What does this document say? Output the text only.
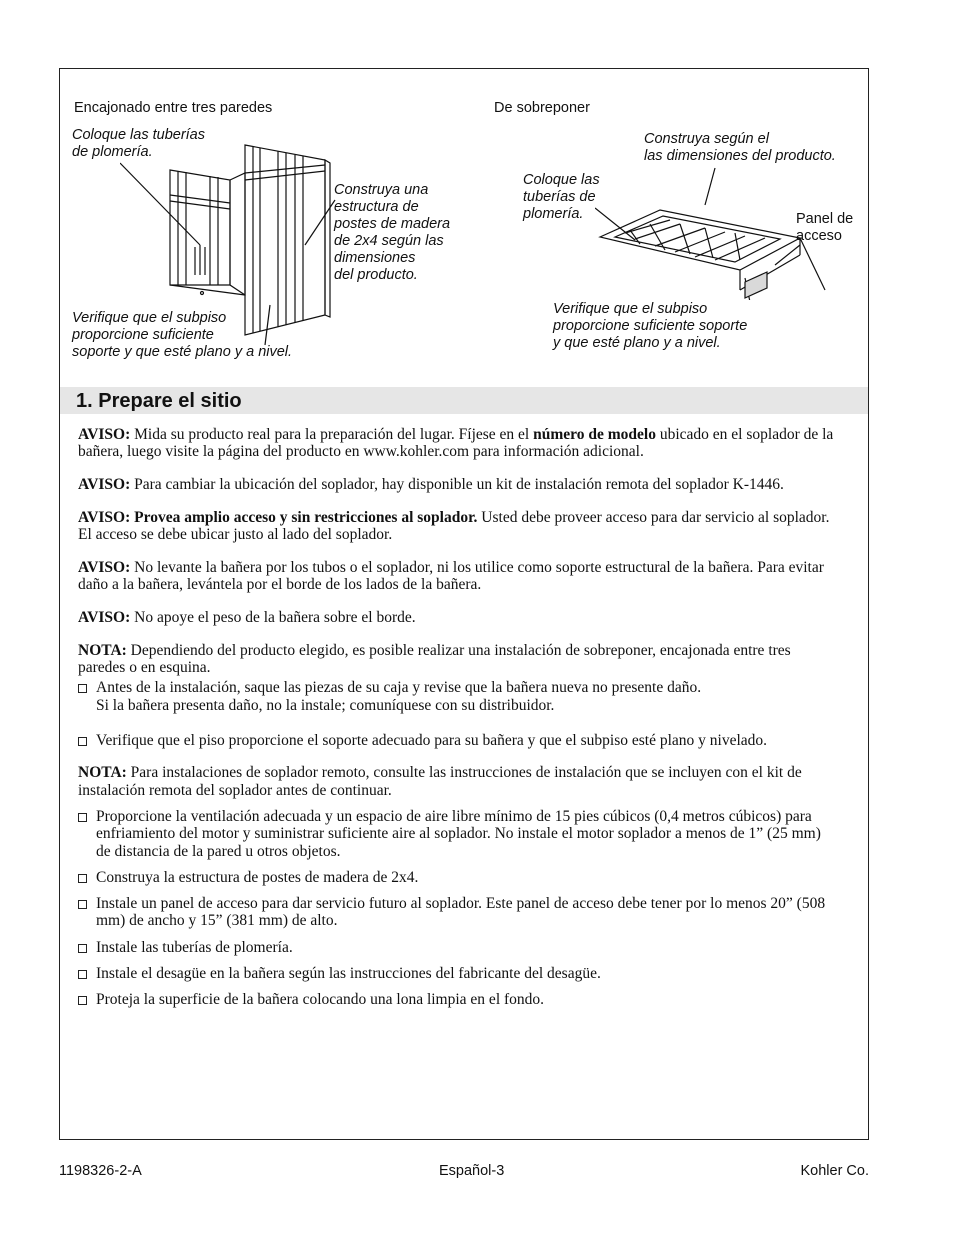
Encajonado entre tres paredes
Coloque las tuberías
de plomería.
Construya una
estructura de
postes de madera
de 2x4 según las
dimensiones
del producto.
Verifique que el subpiso
proporcione suficiente
soporte y que esté plano y a nivel.
De sobreponer
Construya según el
las dimensiones del producto.
Coloque las
tuberías de
plomería.	Panel de
acceso
Verifique que el subpiso
proporcione suficiente soporte
y que esté plano y a nivel.
1. Prepare el sitio

AVISO: Mida su producto real para la preparación del lugar. Fíjese en el número de modelo ubicado en el soplador de la bañera, luego visite la página del producto en www.kohler.com para información adicional.

AVISO: Para cambiar la ubicación del soplador, hay disponible un kit de instalación remota del soplador K-1446.

AVISO: Provea amplio acceso y sin restricciones al soplador. Usted debe proveer acceso para dar servicio al soplador. El acceso se debe ubicar justo al lado del soplador.

AVISO: No levante la bañera por los tubos o el soplador, ni los utilice como soporte estructural de la bañera. Para evitar daño a la bañera, levántela por el borde de los lados de la bañera.

AVISO: No apoye el peso de la bañera sobre el borde.

NOTA: Dependiendo del producto elegido, es posible realizar una instalación de sobreponer, encajonada entre tres paredes o en esquina.

Antes de la instalación, saque las piezas de su caja y revise que la bañera nueva no presente daño.
Si la bañera presenta daño, no la instale; comuníquese con su distribuidor.
Verifique que el piso proporcione el soporte adecuado para su bañera y que el subpiso esté plano y nivelado.

NOTA: Para instalaciones de soplador remoto, consulte las instrucciones de instalación que se incluyen con el kit de instalación remota del soplador antes de continuar.

Proporcione la ventilación adecuada y un espacio de aire libre mínimo de 15 pies cúbicos (0,4 metros cúbicos) para enfriamiento del motor y suministrar suficiente aire al soplador. No instale el motor soplador a menos de 1” (25 mm) de distancia de la pared u otros objetos.
Construya la estructura de postes de madera de 2x4.
Instale un panel de acceso para dar servicio futuro al soplador. Este panel de acceso debe tener por lo menos 20” (508 mm) de ancho y 15” (381 mm) de alto.
Instale las tuberías de plomería.
Instale el desagüe en la bañera según las instrucciones del fabricante del desagüe.
Proteja la superficie de la bañera colocando una lona limpia en el fondo.
1198326-2-A	Español-3	Kohler Co.
